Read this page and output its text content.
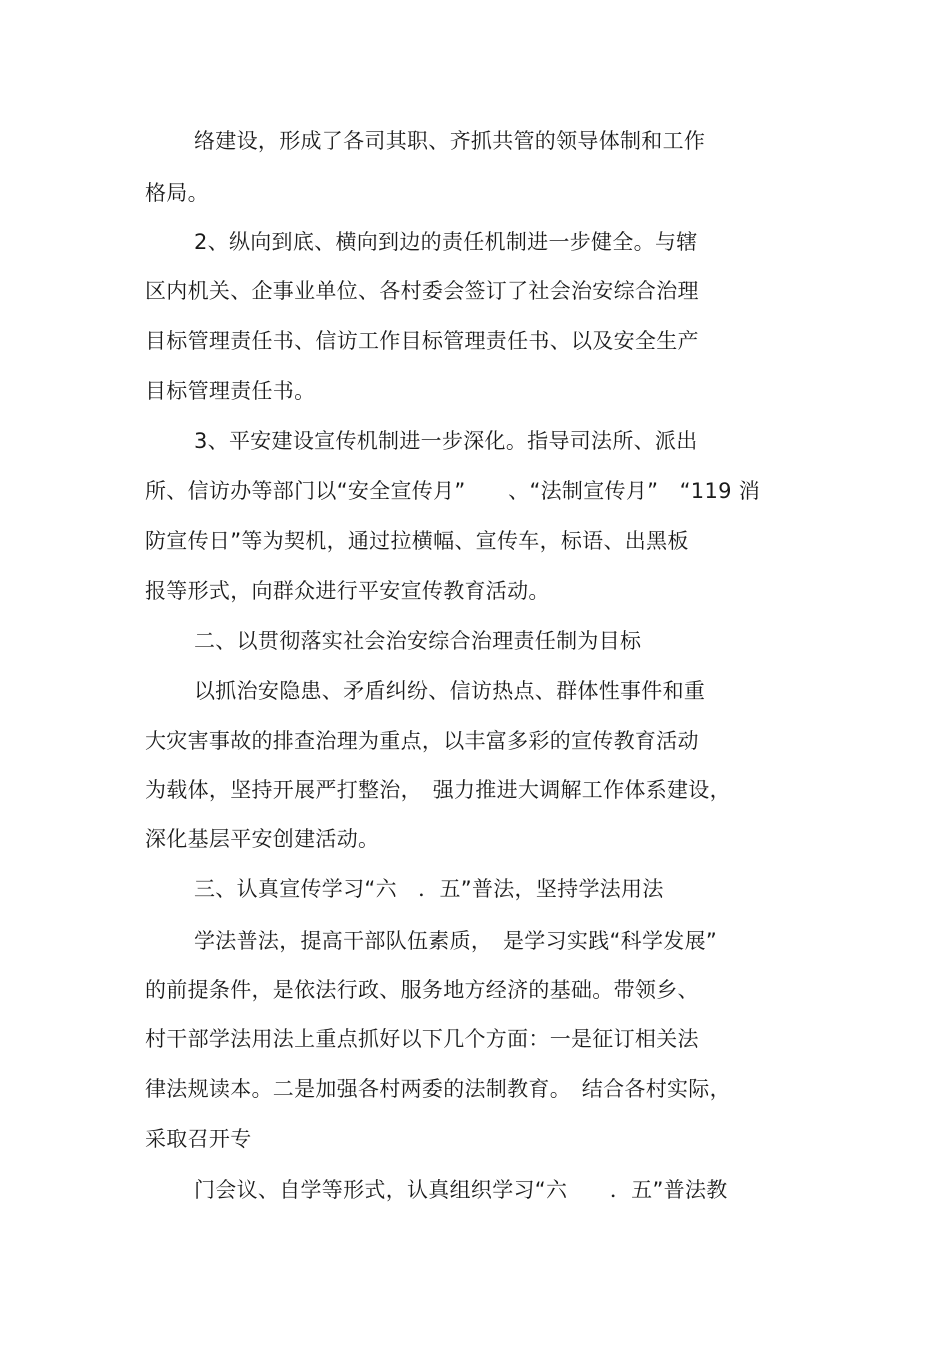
络建设，形成了各司其职、齐抓共管的领导体制和工作
格局。
2、纵向到底、横向到边的责任机制进一步健全。与辖
区内机关、企事业单位、各村委会签订了社会治安综合治理
目标管理责任书、信访工作目标管理责任书、以及安全生产
目标管理责任书。
3、平安建设宣传机制进一步深化。指导司法所、派出
所、信访办等部门以“安全宣传月”　　、“法制宣传月”　“119 消
防宣传日”等为契机，通过拉横幅、宣传车，标语、出黑板
报等形式，向群众进行平安宣传教育活动。
二、以贯彻落实社会治安综合治理责任制为目标
以抓治安隐患、矛盾纠纷、信访热点、群体性事件和重
大灾害事故的排查治理为重点，以丰富多彩的宣传教育活动
为载体，坚持开展严打整治，　强力推进大调解工作体系建设，
深化基层平安创建活动。
三、认真宣传学习“六　．五”普法，坚持学法用法
学法普法，提高干部队伍素质，　是学习实践“科学发展”
的前提条件，是依法行政、服务地方经济的基础。带领乡、
村干部学法用法上重点抓好以下几个方面：一是征订相关法
律法规读本。二是加强各村两委的法制教育。　结合各村实际，
采取召开专
门会议、自学等形式，认真组织学习“六　　．五”普法教
